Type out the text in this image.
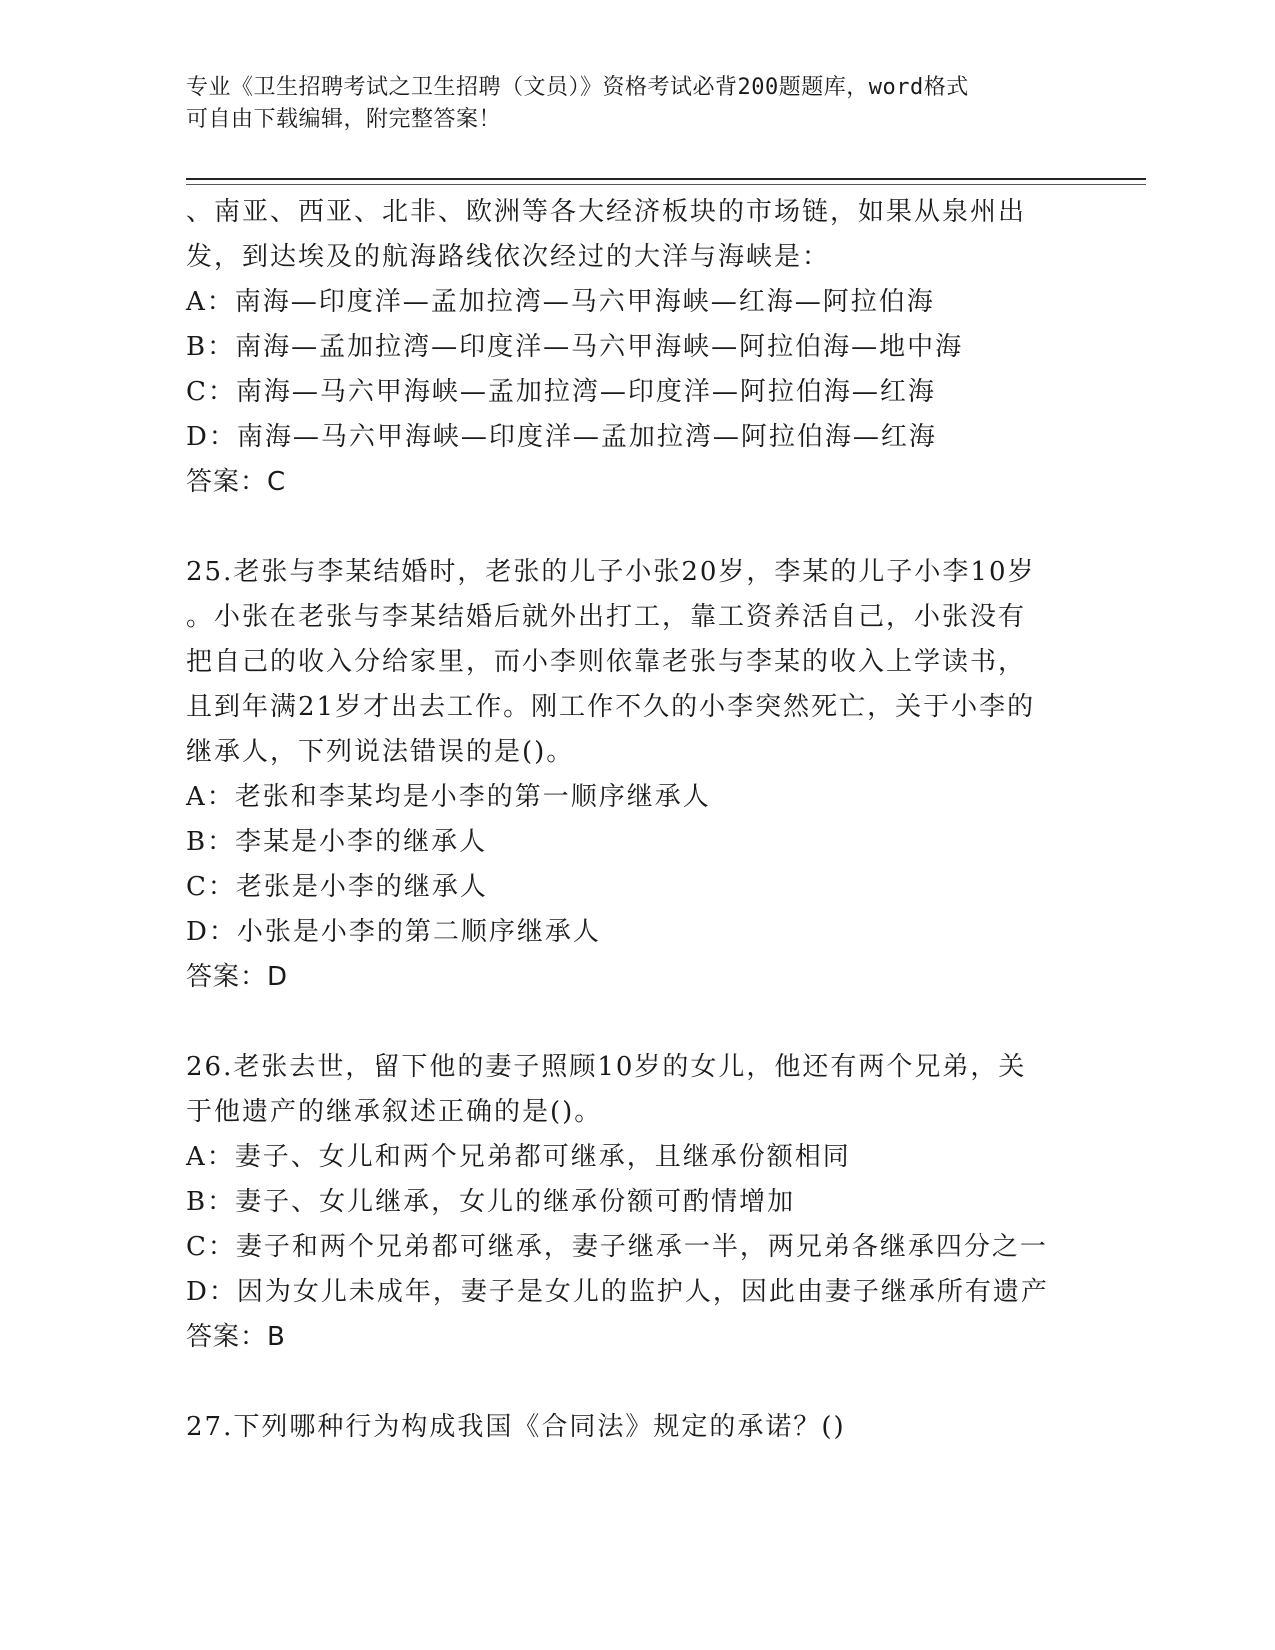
专业《卫生招聘考试之卫生招聘（文员）》资格考试必背200题题库，word格式
可自由下载编辑，附完整答案！
、南亚、西亚、北非、欧洲等各大经济板块的市场链，如果从泉州出
发，到达埃及的航海路线依次经过的大洋与海峡是：
A：南海—印度洋—孟加拉湾—马六甲海峡—红海—阿拉伯海
B：南海—孟加拉湾—印度洋—马六甲海峡—阿拉伯海—地中海
C：南海—马六甲海峡—孟加拉湾—印度洋—阿拉伯海—红海
D：南海—马六甲海峡—印度洋—孟加拉湾—阿拉伯海—红海
答案：C
25.老张与李某结婚时，老张的儿子小张20岁，李某的儿子小李10岁
。小张在老张与李某结婚后就外出打工，靠工资养活自己，小张没有
把自己的收入分给家里，而小李则依靠老张与李某的收入上学读书，
且到年满21岁才出去工作。刚工作不久的小李突然死亡，关于小李的
继承人，下列说法错误的是()。
A：老张和李某均是小李的第一顺序继承人
B：李某是小李的继承人
C：老张是小李的继承人
D：小张是小李的第二顺序继承人
答案：D
26.老张去世，留下他的妻子照顾10岁的女儿，他还有两个兄弟，关
于他遗产的继承叙述正确的是()。
A：妻子、女儿和两个兄弟都可继承，且继承份额相同
B：妻子、女儿继承，女儿的继承份额可酌情增加
C：妻子和两个兄弟都可继承，妻子继承一半，两兄弟各继承四分之一
D：因为女儿未成年，妻子是女儿的监护人，因此由妻子继承所有遗产
答案：B
27.下列哪种行为构成我国《合同法》规定的承诺？()
